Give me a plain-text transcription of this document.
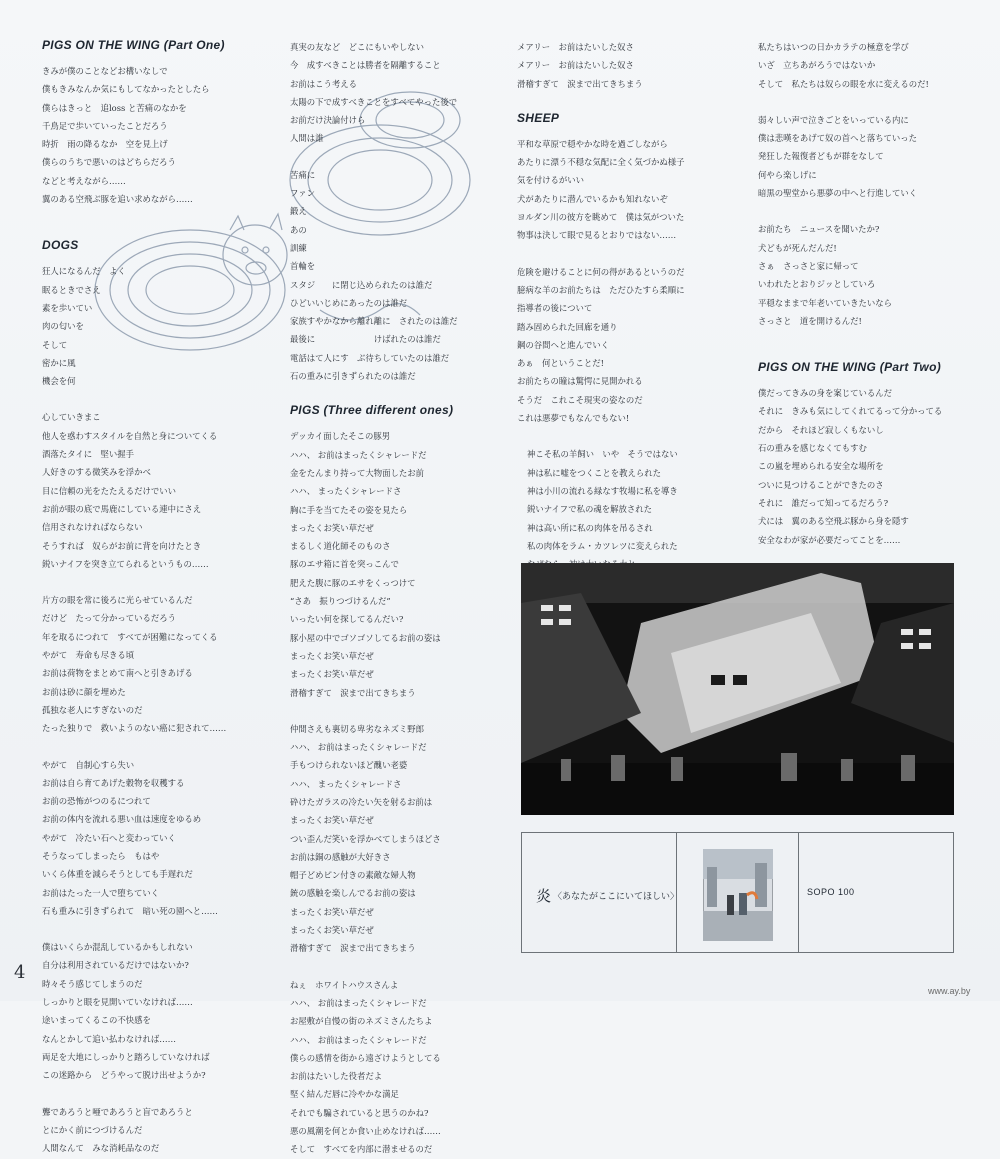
PIGS ON THE WING (Part One)
きみが僕のことなどお構いなしで
僕もきみなんか気にもしてなかったとしたら
僕らはきっと　追loss と苦痛のなかを
千鳥足で歩いていったことだろう
時折　雨の降るなか　空を見上げ
僕らのうちで悪いのはどちらだろう
などと考えながら……
翼のある空飛ぶ豚を追い求めながら……
DOGS
狂人になるんだ　よく
眠るときでさえ
素を歩いてい
肉の匂いを
そして
密かに風
機会を何
心していきまこ
他人を惑わすスタイルを自然と身についてくる
酒落たタイに　堅い握手
人好きのする微笑みを浮かべ
目に信頼の光をたたえるだけでいい
お前が眼の底で馬鹿にしている連中にさえ
信用されなければならない
そうすれば　奴らがお前に背を向けたとき
鋭いナイフを突き立てられるというもの……
片方の眼を常に後ろに光らせているんだ
だけど　たって分かっているだろう
年を取るにつれて　すべてが困難になってくる
やがて　寿命も尽きる頃
お前は荷物をまとめて南へと引きあげる
お前は砂に顔を埋めた
孤独な老人にすぎないのだ
たった独りで　救いようのない癌に犯されて……
やがて　自制心すら失い
お前は自ら育てあげた穀物を収穫する
お前の恐怖がつのるにつれて
お前の体内を流れる悪い血は速度をゆるめ
やがて　冷たい石へと変わっていく
そうなってしまったら　もはや
いくら体重を減らそうとしても手遅れだ
お前はたった一人で堕ちていく
石も重みに引きずられて　暗い死の園へと……
僕はいくらか混乱しているかもしれない
自分は利用されているだけではないか?
時々そう感じてしまうのだ
しっかりと眼を見開いていなければ……
途いまってくるこの不快感を
なんとかして追い払わなければ……
両足を大地にしっかりと踏ろしていなければ
この迷路から　どうやって脱け出せようか?
聾であろうと唖であろうと盲であろうと
とにかく前につづけるんだ
人間なんて　みな消耗品なのだ
真実の友など　どこにもいやしない
今　成すべきことは勝者を隔離すること
お前はこう考える
太陽の下で成すべきことをすべてやった後で
お前だけ決論付けら
人間は誰
苦痛に
ファン
鍛え
あの
訓練
首輪を
スタジ　　に閉じ込められたのは誰だ
ひどいいじめにあったのは誰だ
家族すやかなから離れ離に　されたのは誰だ
最後に　　　　　　　けばれたのは誰だ
電話はて人にす　ぶ待ちしていたのは誰だ
石の重みに引きずられたのは誰だ
PIGS (Three different ones)
デッカイ面したそこの豚男
ハハ、 お前はまったくシャレードだ
金をたんまり持って大物面したお前
ハハ、 まったくシャレードさ
胸に手を当てたその姿を見たら
まったくお笑い草だぜ
まるしく道化師そのものさ
豚のエサ箱に首を突っこんで
肥えた腹に豚のエサをくっつけて
“さあ　振りつづけるんだ”
いったい何を探してるんだい?
豚小屋の中でゴソゴソしてるお前の姿は
まったくお笑い草だぜ
まったくお笑い草だぜ
滑稽すぎて　涙まで出てきちまう
仲間さえも裏切る卑劣なネズミ野郎
ハハ、 お前はまったくシャレードだ
手もつけられないほど醜い老婆
ハハ、 まったくシャレードさ
砕けたガラスの冷たい矢を射るお前は
まったくお笑い草だぜ
つい歪んだ笑いを浮かべてしまうほどさ
お前は銅の感触が大好きさ
帽子どめピン付きの素敵な婦人物
銃の感触を楽しんでるお前の姿は
まったくお笑い草だぜ
まったくお笑い草だぜ
滑稽すぎて　涙まで出てきちまう
ねぇ　ホワイトハウスさんよ
ハハ、 お前はまったくシャレードだ
お屋敷が自慢の街のネズミさんたちよ
ハハ、 お前はまったくシャレードだ
僕らの感情を街から遠ざけようとしてる
お前はたいした役者だよ
堅く結んだ唇に冷やかな満足
それでも騙されていると思うのかね?
悪の風潮を何とか食い止めなければ……
そして　すべてを内部に潜ませるのだ
メアリー　お前はたいした奴さ
メアリー　お前はたいした奴さ
滑稽すぎて　涙まで出てきちまう
SHEEP
平和な草原で穏やかな時を過ごしながら
あたりに漂う不穏な気配に全く気づかぬ様子
気を付けるがいい
犬があたりに潜んでいるかも知れないぞ
ヨルダン川の彼方を眺めて　僕は気がついた
物事は決して眼で見るとおりではない……
危険を避けることに何の得があるというのだ
臆病な羊のお前たちは　ただひたすら柔順に
指導者の後について
踏み固められた回廊を通り
鋼の谷間へと進んでいく
あぁ　何ということだ!
お前たちの瞳は驚愕に見開かれる
そうだ　これこそ現実の姿なのだ
これは悪夢でもなんでもない!
神こそ私の羊飼い　いや　そうではない
神は私に嘘をつくことを教えられた
神は小川の流れる緑なす牧場に私を導き
鋭いナイフで私の魂を解放された
神は高い所に私の肉体を吊るされ
私の肉体をラム・カツレツに変えられた
私たちはいつの日かカラテの極意を学び
いざ　立ちあがろうではないか
そして　私たちは奴らの眼を水に変えるのだ!
弱々しい声で泣きごとをいっている内に
僕は悲嘆をあげて奴の首へと落ちていった
発狂した報復者どもが群をなして
何やら楽しげに
暗黒の聖堂から悪夢の中へと行進していく
お前たち　ニュースを聞いたか?
犬どもが死んだんだ!
さぁ　さっさと家に帰って
いわれたとおりジッとしていろ
平穏なままで年老いていきたいなら
さっさと　道を開けるんだ!
PIGS ON THE WING (Part Two)
僕だってきみの身を案じているんだ
それに　きみも気にしてくれてるって分かってる
だから　それほど寂しくもないし
石の重みを感じなくてもすむ
この嵐を埋められる安全な場所を
ついに見つけることができたのさ
それに　誰だって知ってるだろう?
犬には　翼のある空飛ぶ豚から身を隠す
安全なわが家が必要だってことを……
炎 〈あなたがここにいてほしい〉	SOPO 100
4
www.ay.by
